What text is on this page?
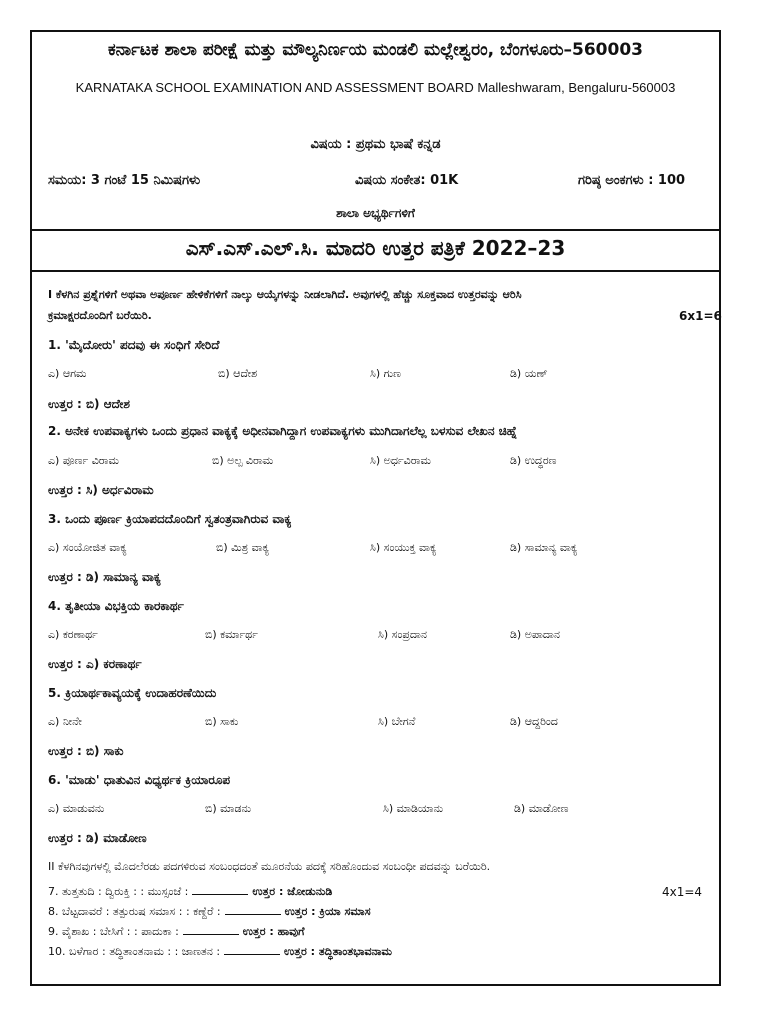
ಕರ್ನಾಟಕ ಶಾಲಾ ಪರೀಕ್ಷೆ ಮತ್ತು ಮೌಲ್ಯನಿರ್ಣಯ ಮಂಡಲಿ ಮಲ್ಲೇಶ್ವರಂ, ಬೆಂಗಳೂರು–560003
KARNATAKA SCHOOL EXAMINATION AND ASSESSMENT BOARD Malleshwaram, Bengaluru-560003
ವಿಷಯ : ಪ್ರಥಮ ಭಾಷೆ ಕನ್ನಡ
ಸಮಯ: 3 ಗಂಟೆ 15 ನಿಮಿಷಗಳು	ವಿಷಯ ಸಂಕೇತ: 01K	ಗರಿಷ್ಠ ಅಂಕಗಳು : 100
ಶಾಲಾ ಅಭ್ಯರ್ಥಿಗಳಿಗೆ
ಎಸ್.ಎಸ್.ಎಲ್.ಸಿ. ಮಾದರಿ ಉತ್ತರ ಪತ್ರಿಕೆ 2022–23
I ಕೆಳಗಿನ ಪ್ರಶ್ನೆಗಳಿಗೆ ಅಥವಾ ಅಪೂರ್ಣ ಹೇಳಿಕೆಗಳಿಗೆ ನಾಲ್ಕು ಆಯ್ಕೆಗಳನ್ನು ನೀಡಲಾಗಿದೆ. ಅವುಗಳಲ್ಲಿ ಹೆಚ್ಚು ಸೂಕ್ತವಾದ ಉತ್ತರವನ್ನು ಆರಿಸಿ
ಕ್ರಮಾಕ್ಷರದೊಂದಿಗೆ ಬರೆಯಿರಿ.	6x1=6
1. 'ಮೈದೋರು' ಪದವು ಈ ಸಂಧಿಗೆ ಸೇರಿದೆ
ಎ) ಆಗಮ	ಬಿ) ಆದೇಶ	ಸಿ) ಗುಣ	ಡಿ) ಯಣ್
ಉತ್ತರ : ಬಿ) ಆದೇಶ
2. ಅನೇಕ ಉಪವಾಕ್ಯಗಳು ಒಂದು ಪ್ರಧಾನ ವಾಕ್ಯಕ್ಕೆ ಅಧೀನವಾಗಿದ್ದಾಗ ಉಪವಾಕ್ಯಗಳು ಮುಗಿದಾಗಲೆಲ್ಲ ಬಳಸುವ ಲೇಖನ ಚಿಹ್ನೆ
ಎ) ಪೂರ್ಣ ವಿರಾಮ	ಬಿ) ಅಲ್ಪ ವಿರಾಮ	ಸಿ) ಅರ್ಧವಿರಾಮ	ಡಿ) ಉದ್ಧರಣ
ಉತ್ತರ : ಸಿ) ಅರ್ಧವಿರಾಮ
3. ಒಂದು ಪೂರ್ಣ ಕ್ರಿಯಾಪದದೊಂದಿಗೆ ಸ್ವತಂತ್ರವಾಗಿರುವ ವಾಕ್ಯ
ಎ) ಸಂಯೋಜಿತ ವಾಕ್ಯ	ಬಿ) ಮಿಶ್ರ ವಾಕ್ಯ	ಸಿ) ಸಂಯುಕ್ತ ವಾಕ್ಯ	ಡಿ) ಸಾಮಾನ್ಯ ವಾಕ್ಯ
ಉತ್ತರ : ಡಿ) ಸಾಮಾನ್ಯ ವಾಕ್ಯ
4. ತೃತೀಯಾ ವಿಭಕ್ತಿಯ ಕಾರಕಾರ್ಥ
ಎ) ಕರಣಾರ್ಥ	ಬಿ) ಕರ್ಮಾರ್ಥ	ಸಿ) ಸಂಪ್ರದಾನ	ಡಿ) ಅಪಾದಾನ
ಉತ್ತರ : ಎ) ಕರಣಾರ್ಥ
5. ಕ್ರಿಯಾರ್ಥಕಾವ್ಯಯಕ್ಕೆ ಉದಾಹರಣೆಯಿದು
ಎ) ನೀನೇ	ಬಿ) ಸಾಕು	ಸಿ) ಬೇಗನೆ	ಡಿ) ಆದ್ದರಿಂದ
ಉತ್ತರ : ಬಿ) ಸಾಕು
6. 'ಮಾಡು' ಧಾತುವಿನ ವಿಧ್ಯರ್ಥಕ ಕ್ರಿಯಾರೂಪ
ಎ) ಮಾಡುವನು	ಬಿ) ಮಾಡನು	ಸಿ) ಮಾಡಿಯಾನು	ಡಿ) ಮಾಡೋಣ
ಉತ್ತರ : ಡಿ) ಮಾಡೋಣ
II ಕೆಳಗಿನವುಗಳಲ್ಲಿ ಮೊದಲೆರಡು ಪದಗಳಿರುವ ಸಂಬಂಧದಂತೆ ಮೂರನೆಯ ಪದಕ್ಕೆ ಸರಿಹೊಂದುವ ಸಂಬಂಧೀ ಪದವನ್ನು ಬರೆಯಿರಿ.
4x1=4
7. ತುತ್ತತುದಿ : ದ್ವಿರುಕ್ತಿ : : ಮುಸ್ಸಂಜೆ :	ಉತ್ತರ : ಜೋಡುನುಡಿ
8. ಬೆಟ್ಟದಾವರೆ : ತತ್ಪುರುಷ ಸಮಾಸ : : ಕಣ್ದೆರೆ :	ಉತ್ತರ : ಕ್ರಿಯಾ ಸಮಾಸ
9. ವೈಶಾಖ : ಬೇಸಿಗೆ : : ಪಾದುಕಾ :	ಉತ್ತರ : ಹಾವುಗೆ
10. ಬಳೆಗಾರ : ತದ್ಧಿತಾಂತನಾಮ : : ಜಾಣತನ :	ಉತ್ತರ : ತದ್ಧಿತಾಂತಭಾವನಾಮ
